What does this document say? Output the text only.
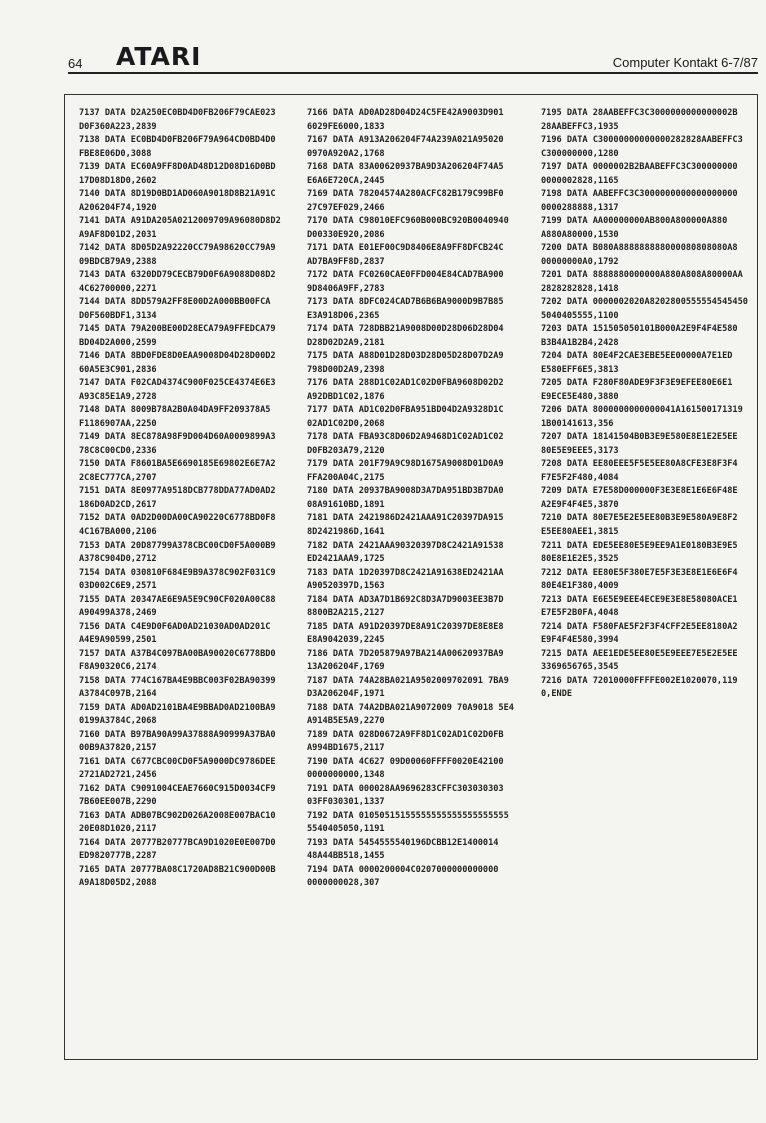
64 ATARI	Computer Kontakt 6-7/87
7137 DATA D2A250EC0BD4D0FB206F79CAE023
D0F360A223,2839
7138 DATA EC0BD4D0FB206F79A964CD0BD4D0
FBE8E06D0,3088
7139 DATA EC60A9FF8D0AD48D12D08D16D0BD
17D08D18D0,2602
7140 DATA 8D19D0BD1AD060A9018D8B21A91C
A206204F74,1920
7141 DATA A91DA205A0212009709A96080D8D2
A9AF8D01D2,2031
7142 DATA 8D05D2A92220CC79A98620CC79A9
09BDCB79A9,2388
7143 DATA 6320DD79CECB79D0F6A9088D08D2
4C62700000,2271
7144 DATA 8DD579A2FF8E00D2A000BB00FCA
D0F560BDF1,3134
7145 DATA 79A200BE00D28ECA79A9FFEDCA79
BD04D2A000,2599
7146 DATA 8BD0FDE8D0EAA9008D04D28D00D2
60A5E3C901,2836
7147 DATA F02CAD4374C900F025CE4374E6E3
A93C85E1A9,2728
7148 DATA 8009B78A2B0A04DA9FF209378A5
F1186907AA,2250
7149 DATA 8EC878A98F9D004D60A0009899A3
78C8C00CD0,2336
7150 DATA F8601BA5E6690185E69802E6E7A2
2C8EC777CA,2707
7151 DATA 8E0977A9518DCB778DDA77AD0AD2
186D0AD2CD,2617
7152 DATA 0AD2D00DA00CA90220C6778BD0F8
4C167BA000,2106
7153 DATA 20D87799A378CBC00CD0F5A000B9
A378C904D0,2712
7154 DATA 030810F684E9B9A378C902F031C9
03D002C6E9,2571
7155 DATA 20347AE6E9A5E9C90CF020A00C88
A90499A378,2469
7156 DATA C4E9D0F6AD0AD21030AD0AD201C
A4E9A90599,2501
7157 DATA A37B4C097BA00BA90020C6778BD0
F8A90320C6,2174
7158 DATA 774C167BA4E9BBC003F02BA90399
A3784C097B,2164
7159 DATA AD0AD2101BA4E9BBAD0AD2100BA9
0199A3784C,2068
7160 DATA B97BA90A99A37888A90999A37BA0
00B9A37820,2157
7161 DATA C677CBC00CD0F5A9000DC9786DEE
2721AD2721,2456
7162 DATA C9091004CEAE7660C915D0034CF9
7B60EE007B,2290
7163 DATA ADB07BC902D026A2008E007BAC10
20E08D1020,2117
7164 DATA 20777B20777BCA9D1020E0E007D0
ED9820777B,2287
7165 DATA 20777BA08C1720AD8B21C900D00B
A9A18D05D2,2088
7166 DATA AD0AD28D04D24C5FE42A9003D901
6029FE6000,1833
7167 DATA A913A206204F74A239A021A95020
0970A920A2,1768
7168 DATA 83A00620937BA9D3A206204F74A5
E6A6E720CA,2445
7169 DATA 78204574A280ACFC82B179C99BF0
27C97EF029,2466
7170 DATA C98010EFC960B000BC920B0040940
D00330E920,2086
7171 DATA E01EF00C9D8406E8A9FF8DFCB24C
AD7BA9FF8D,2837
7172 DATA FC0260CAE0FFD004E84CAD7BA900
9D8406A9FF,2783
7173 DATA 8DFC024CAD7B6B6BA9000D9B7B85
E3A918D06,2365
7174 DATA 728DBB21A9008D00D28D06D28D04
D28D02D2A9,2181
7175 DATA A88D01D28D03D28D05D28D07D2A9
798D00D2A9,2398
7176 DATA 288D1C02AD1C02D0FBA9608D02D2
A92DBD1C02,1876
7177 DATA AD1C02D0FBA951BD04D2A9328D1C
02AD1C02D0,2068
7178 DATA FBA93C8D06D2A9468D1C02AD1C02
D0FB203A79,2120
7179 DATA 201F79A9C98D1675A9008D01D0A9
FFA200A04C,2175
7180 DATA 20937BA9008D3A7DA951BD3B7DA0
08A91610BD,1891
7181 DATA 2421986D2421AAA91C20397DA915
8D2421986D,1641
7182 DATA 2421AAA90320397D8C2421A91538
ED2421AAA9,1725
7183 DATA 1D20397D8C2421A91638ED2421AA
A90520397D,1563
7184 DATA AD3A7D1B692C8D3A7D9003EE3B7D
8800B2A215,2127
7185 DATA A91D20397DE8A91C20397DE8E8E8
E8A9042039,2245
7186 DATA 7D205879A97BA214A00620937BA9
13A206204F,1769
7187 DATA 74A28BA021A9502009702091 7BA9
D3A206204F,1971
7188 DATA 74A2DBA021A9072009 70A9018 5E4
A914B5E5A9,2270
7189 DATA 028D0672A9FF8D1C02AD1C02D0FB
A994BD1675,2117
7190 DATA 4C627 09D00060FFFF0020E42100
0000000000,1348
7191 DATA 000028AA9696283CFFC303030303
03FF030301,1337
7192 DATA 01050515155555555555555555555
5540405050,1191
7193 DATA 5454555540196DCBB12E1400014
48A44BB518,1455
7194 DATA 0000200004C0207000000000000
0000000028,307
7195 DATA 28AABEFFC3C3000000000000002B
28AABEFFC3,1935
7196 DATA C30000000000000282828AABEFFC3
C300000000,1280
7197 DATA 0000002B2BAABEFFC3C300000000
0000002828,1165
7198 DATA AABEFFC3C3000000000000000000
0000288888,1317
7199 DATA AA00000000AB800A800000A880
A880A80000,1530
7200 DATA B080A888888888000080808080A8
00000000A0,1792
7201 DATA 8888880000000A880A808A80000AA
2828282828,1418
7202 DATA 0000002020A8202800555554545450
5040405555,1100
7203 DATA 151505050101B000A2E9F4F4E580
B3B4A1B2B4,2428
7204 DATA 80E4F2CAE3EBE5EE00000A7E1ED
E580EFF6E5,3813
7205 DATA F280F80ADE9F3F3E9EFEE80E6E1
E9ECE5E480,3880
7206 DATA 8000000000000041A161500171319
1B00141613,356
7207 DATA 18141504B0B3E9E580E8E1E2E5EE
80E5E9EEE5,3173
7208 DATA EE80EEE5F5E5EE80A8CFE3E8F3F4
F7E5F2F480,4084
7209 DATA E7E58D000000F3E3E8E1E6E6F48E
A2E9F4F4E5,3870
7210 DATA 80E7E5E2E5EE80B3E9E580A9E8F2
E5EE80AEE1,3815
7211 DATA EDE5EE80E5E9EE9A1E0180B3E9E5
80E8E1E2E5,3525
7212 DATA EE80E5F380E7E5F3E3E8E1E6E6F4
80E4E1F380,4009
7213 DATA E6E5E9EEE4ECE9E3E8E58080ACE1
E7E5F2B0FA,4048
7214 DATA F580FAE5F2F3F4CFF2E5EE8180A2
E9F4F4E580,3994
7215 DATA AEE1EDE5EE80E5E9EEE7E5E2E5EE
3369656765,3545
7216 DATA 72010000FFFFE002E1020070,119
0,ENDE
